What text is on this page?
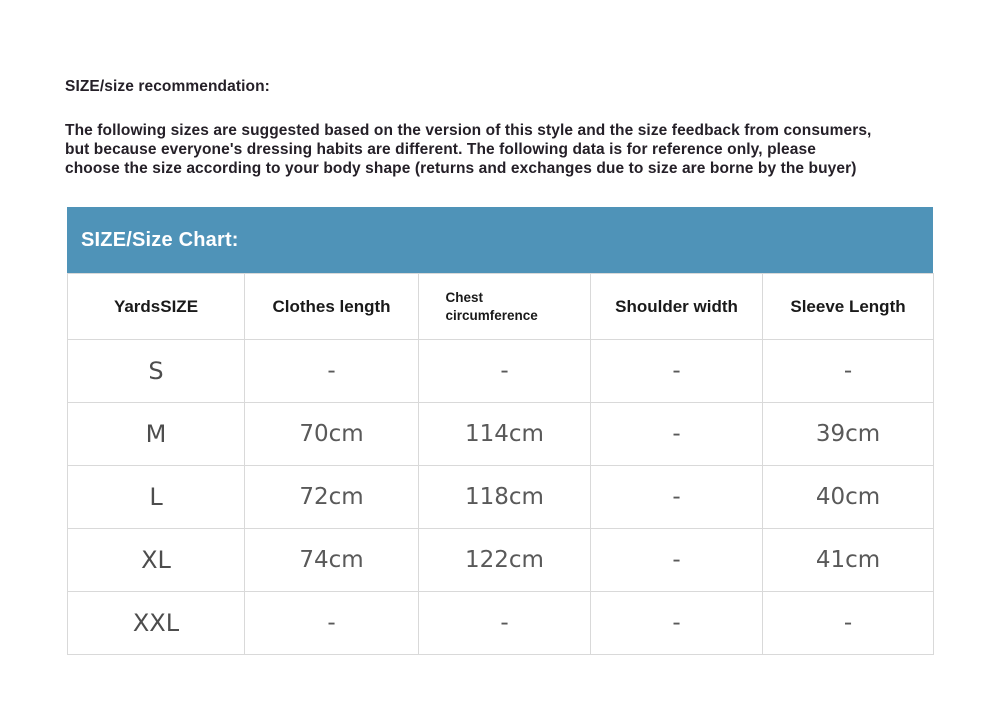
SIZE/size recommendation:
The following sizes are suggested based on the version of this style and the size feedback from consumers,
but because everyone's dressing habits are different. The following data is for reference only, please
choose the size according to your body shape (returns and exchanges due to size are borne by the buyer)
SIZE/Size Chart:
YardsSIZE	Clothes length	Chest circumference	Shoulder width	Sleeve Length
S	-	-	-	-
M	70cm	114cm	-	39cm
L	72cm	118cm	-	40cm
XL	74cm	122cm	-	41cm
XXL	-	-	-	-
